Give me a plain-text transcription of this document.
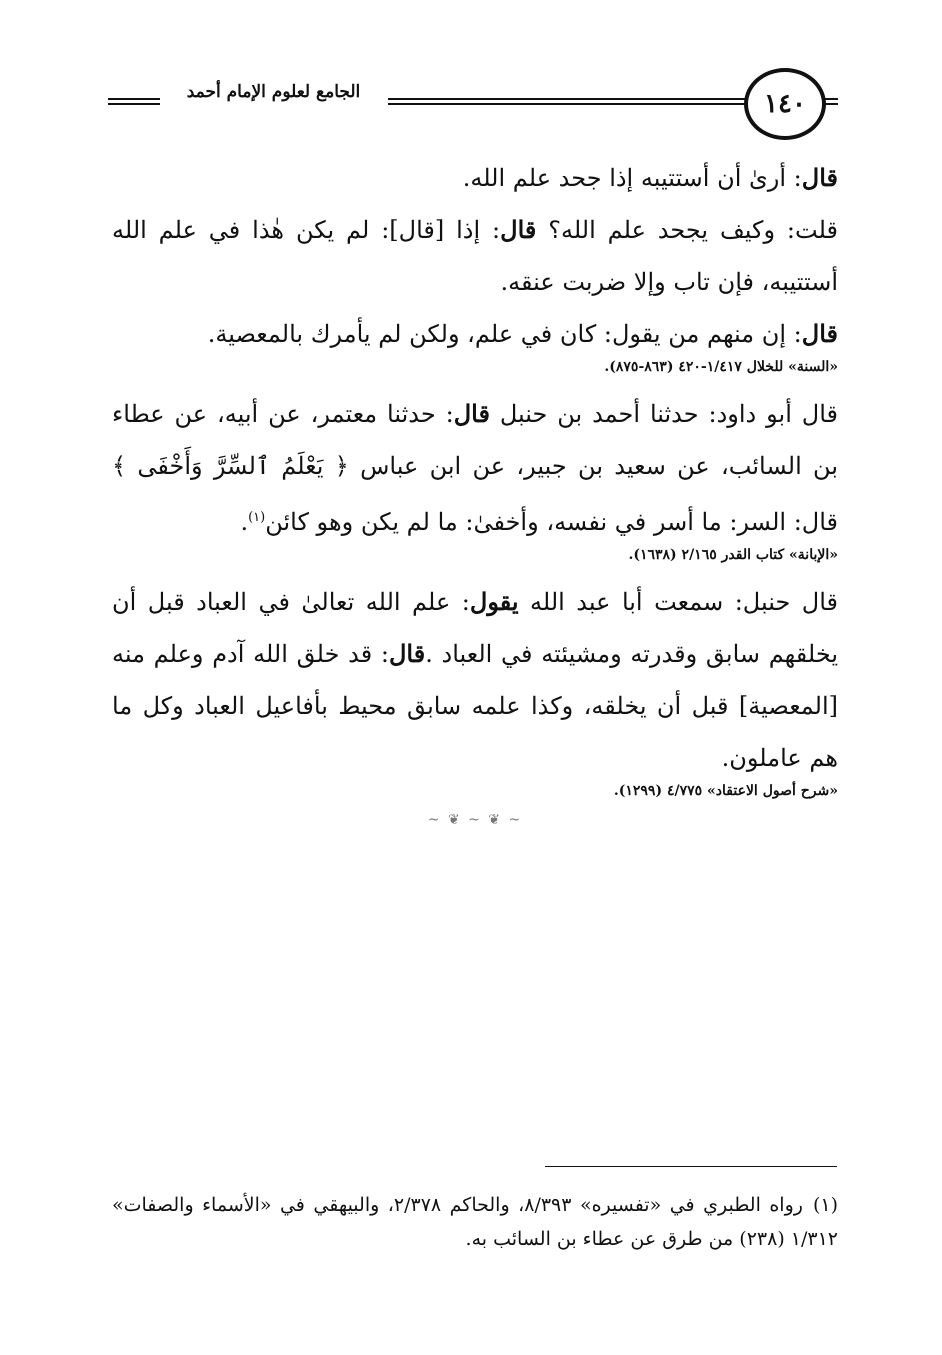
الجامع لعلوم الإمام أحمد	١٤٠

قال: أرىٰ أن أستتيبه إذا جحد علم الله.

قلت: وكيف يجحد علم الله؟ قال: إذا [قال]: لم يكن هٰذا في علم الله أستتيبه، فإن تاب وإلا ضربت عنقه.

قال: إن منهم من يقول: كان في علم، ولكن لم يأمرك بالمعصية.

«السنة» للخلال ١/٤١٧-٤٢٠ (٨٦٣-٨٧٥).

قال أبو داود: حدثنا أحمد بن حنبل قال: حدثنا معتمر، عن أبيه، عن عطاء بن السائب، عن سعيد بن جبير، عن ابن عباس ﴿ يَعْلَمُ ٱلسِّرَّ وَأَخْفَى ﴾ قال: السر: ما أسر في نفسه، وأخفىٰ: ما لم يكن وهو كائن$^{(١)}$.

«الإبانة» كتاب القدر ٢/١٦٥ (١٦٣٨).

قال حنبل: سمعت أبا عبد الله يقول: علم الله تعالىٰ في العباد قبل أن يخلقهم سابق وقدرته ومشيئته في العباد .قال: قد خلق الله آدم وعلم منه [المعصية] قبل أن يخلقه، وكذا علمه سابق محيط بأفاعيل العباد وكل ما هم عاملون.

«شرح أصول الاعتقاد» ٤/٧٧٥ (١٢٩٩).

~ ❦ ~ ❦ ~
(١)رواه الطبري في «تفسيره» ٨/٣٩٣، والحاكم ٢/٣٧٨، والبيهقي في «الأسماء والصفات» ١/٣١٢ (٢٣٨) من طرق عن عطاء بن السائب به.
